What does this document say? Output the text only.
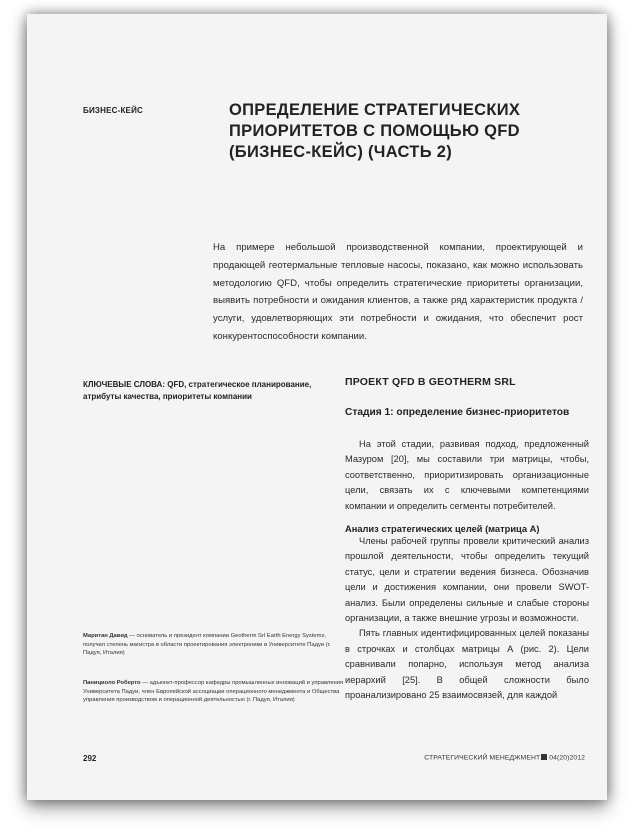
БИЗНЕС-КЕЙС	ОПРЕДЕЛЕНИЕ СТРАТЕГИЧЕСКИХ
ПРИОРИТЕТОВ С ПОМОЩЬЮ QFD
(БИЗНЕС-КЕЙС) (ЧАСТЬ 2)
На примере небольшой производственной компании, проектирующей и продающей геотермальные тепловые насосы, показано, как можно использовать методологию QFD, чтобы определить стратегические приоритеты организации, выявить потребности и ожидания клиентов, а также ряд характеристик продукта / услуги, удовлетворяющих эти потребности и ожидания, что обеспечит рост конкурентоспособности компании.
КЛЮЧЕВЫЕ СЛОВА: QFD, стратегическое планирование, атрибуты качества, приоритеты компании
Маритан Давид — основатель и президент компании Geotherm Srl Earth Energy Systems, получил степень магистра в области проектирования электроники в Университете Падуи (г. Падуя, Италия)
Панициоло Роберто — адъюнкт-профессор кафедры промышленных инноваций и управления Университета Падуи, член Европейской ассоциации операционного менеджмента и Общества управления производством и операционной деятельностью (г. Падуя, Италия)
ПРОЕКТ QFD В GEOTHERM SRL
Стадия 1: определение бизнес-приоритетов

На этой стадии, развивая подход, предложенный Мазуром [20], мы составили три матрицы, чтобы, соответственно, приоритизировать организационные цели, связать их с ключевыми компетенциями компании и определить сегменты потребителей.

Анализ стратегических целей (матрица А)

Члены рабочей группы провели критический анализ прошлой деятельности, чтобы определить текущий статус, цели и стратегии ведения бизнеса. Обозначив цели и достижения компании, они провели SWOT-анализ. Были определены сильные и слабые стороны организации, а также внешние угрозы и возможности.

Пять главных идентифицированных целей показаны в строчках и столбцах матрицы А (рис. 2). Цели сравнивали попарно, используя метод анализа иерархий [25]. В общей сложности было проанализировано 25 взаимосвязей, для каждой

292	СТРАТЕГИЧЕСКИЙ МЕНЕДЖМЕНТ 04(20)2012
